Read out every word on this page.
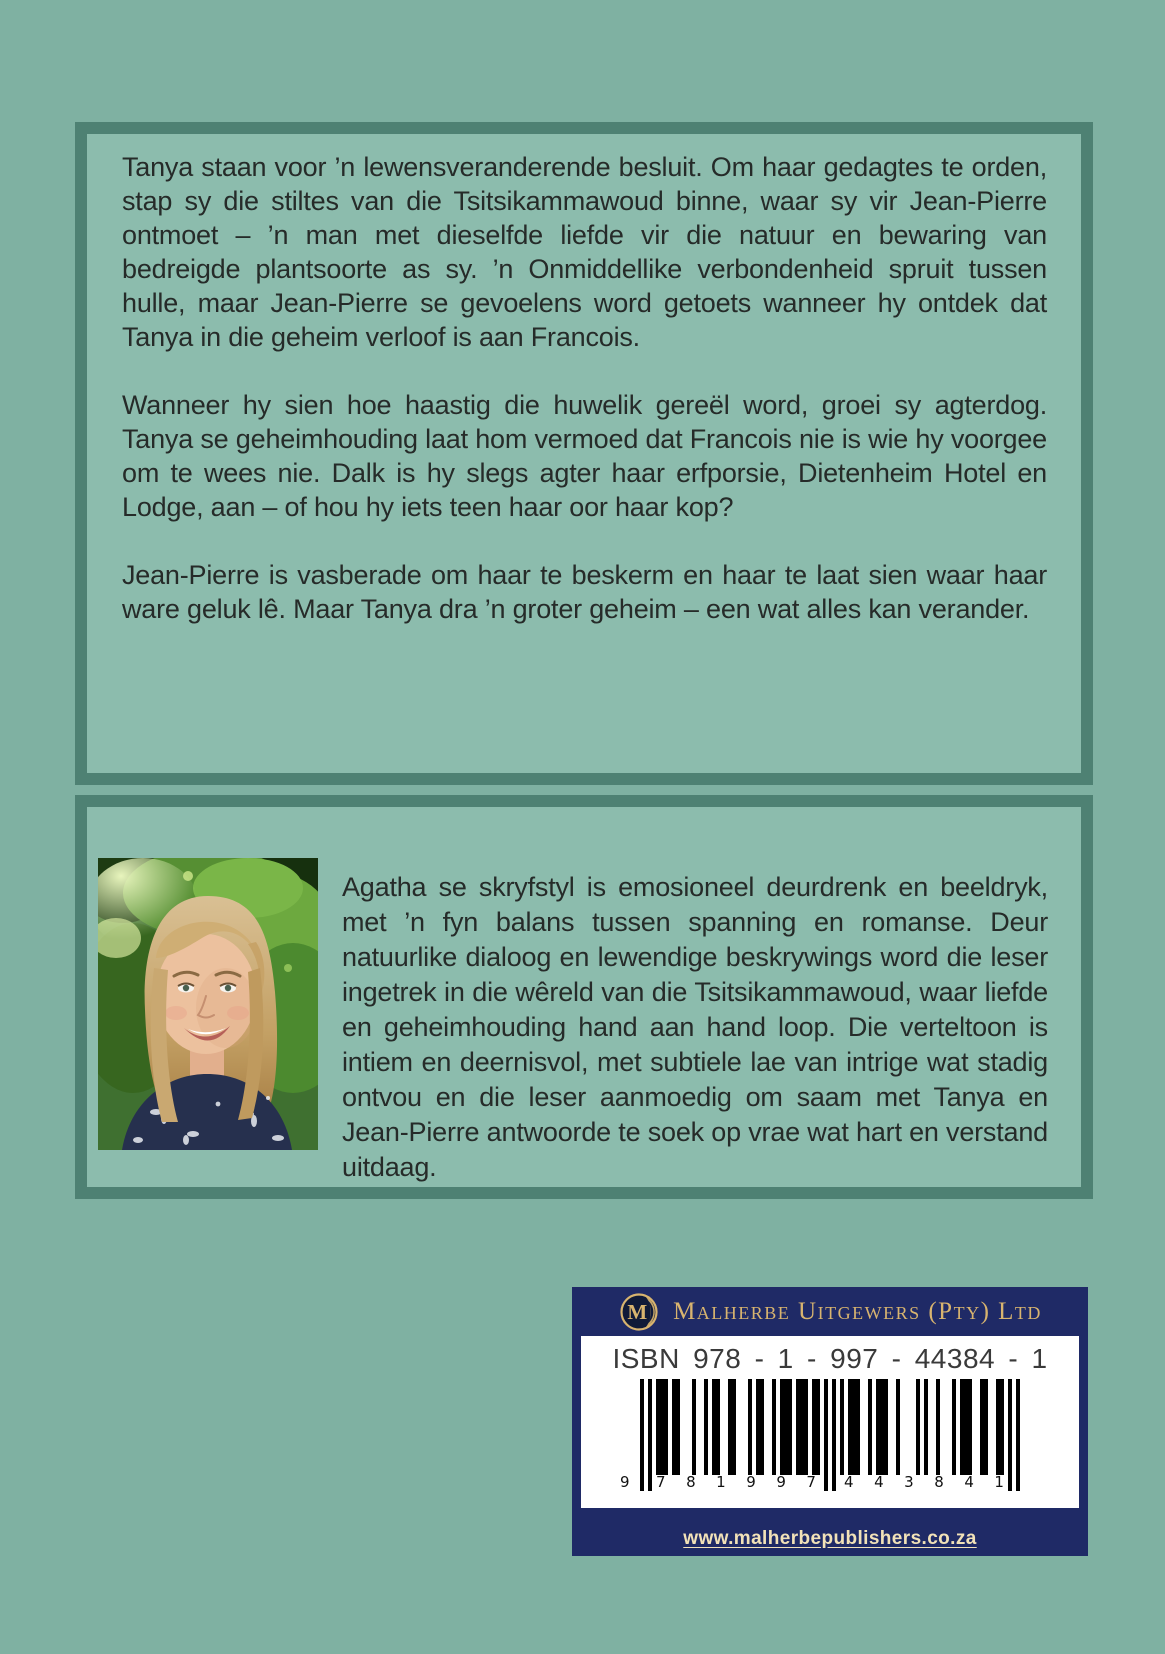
Tanya staan voor ’n lewensveranderende besluit. Om haar gedagtes te orden, stap sy die stiltes van die Tsitsikammawoud binne, waar sy vir Jean-Pierre ontmoet – ’n man met dieselfde liefde vir die natuur en bewaring van bedreigde plantsoorte as sy. ’n Onmiddellike verbondenheid spruit tussen hulle, maar Jean-Pierre se gevoelens word getoets wanneer hy ontdek dat Tanya in die geheim verloof is aan Francois.

Wanneer hy sien hoe haastig die huwelik gereël word, groei sy agterdog. Tanya se geheimhouding laat hom vermoed dat Francois nie is wie hy voorgee om te wees nie. Dalk is hy slegs agter haar erfporsie, Dietenheim Hotel en Lodge, aan – of hou hy iets teen haar oor haar kop?

Jean-Pierre is vasberade om haar te beskerm en haar te laat sien waar haar ware geluk lê. Maar Tanya dra ’n groter geheim – een wat alles kan verander.

Agatha se skryfstyl is emosioneel deurdrenk en beeldryk, met ’n fyn balans tussen spanning en romanse. Deur natuurlike dialoog en lewendige beskrywings word die leser ingetrek in die wêreld van die Tsitsikammawoud, waar liefde en geheimhouding hand aan hand loop. Die verteltoon is intiem en deernisvol, met subtiele lae van intrige wat stadig ontvou en die leser aanmoedig om saam met Tanya en Jean-Pierre antwoorde te soek op vrae wat hart en verstand uitdaag.

M Malherbe Uitgewers (Pty) Ltd
ISBN 978 - 1 - 997 - 44384 - 1
9 7 8 1 9 9 7 4 4 3 8 4 1
www.malherbepublishers.co.za
